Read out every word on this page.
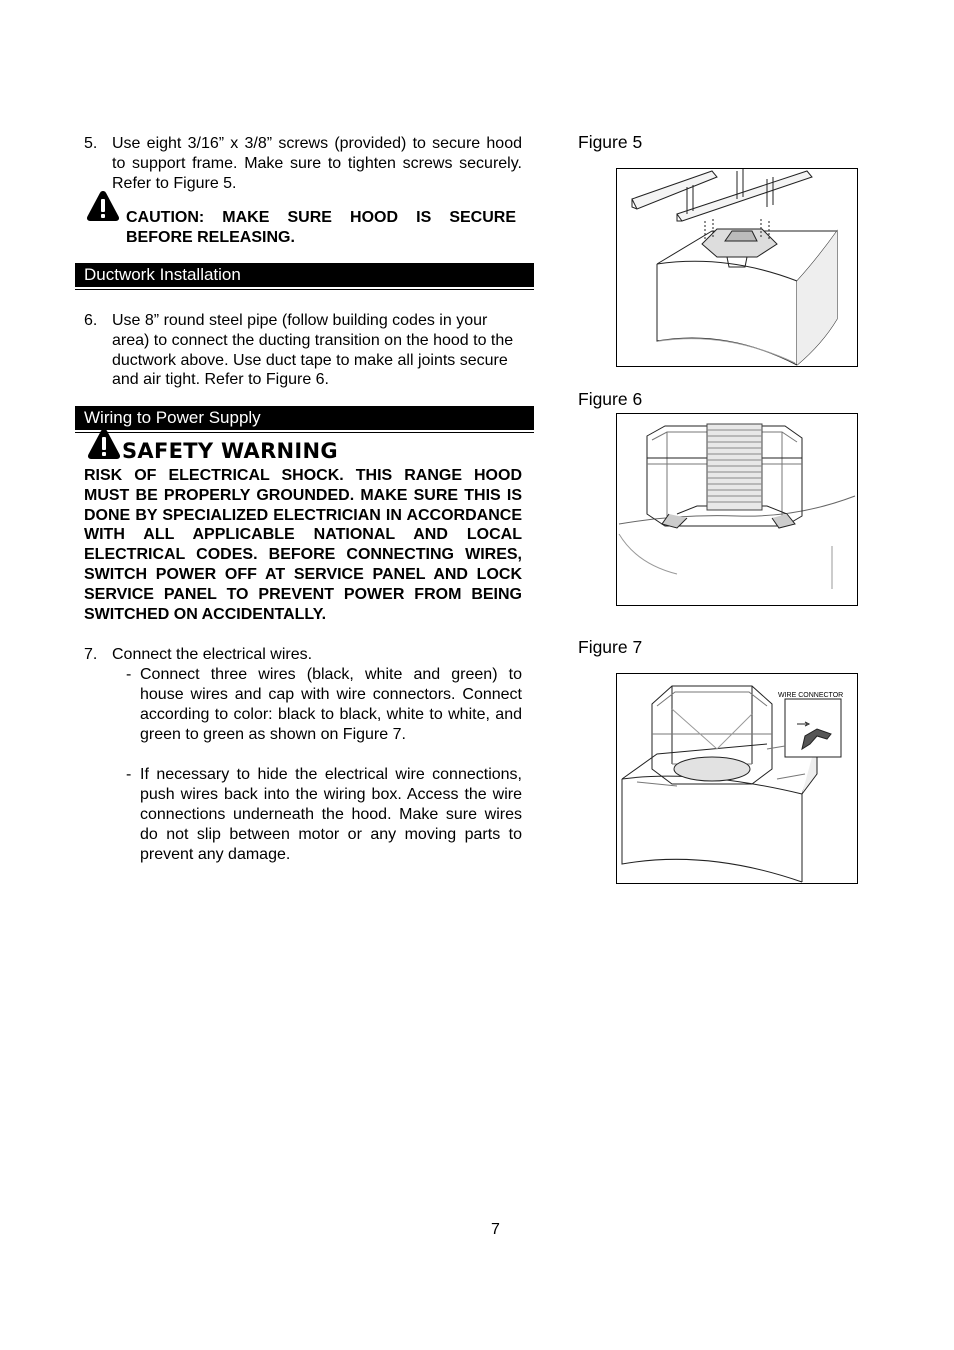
5. Use eight 3/16” x 3/8” screws (provided) to secure hood to support frame. Make sure to tighten screws securely. Refer to Figure 5.
CAUTION: MAKE SURE HOOD IS SECURE BEFORE RELEASING.
Ductwork Installation
6. Use 8” round steel pipe (follow building codes in your area) to connect the ducting transition on the hood to the ductwork above. Use duct tape to make all joints secure and air tight. Refer to Figure 6.
Wiring to Power Supply
SAFETY WARNING
RISK OF ELECTRICAL SHOCK. THIS RANGE HOOD MUST BE PROPERLY GROUNDED. MAKE SURE THIS IS DONE BY SPECIALIZED ELECTRICIAN IN ACCORDANCE WITH ALL APPLICABLE NATIONAL AND LOCAL ELECTRICAL CODES. BEFORE CONNECTING WIRES, SWITCH POWER OFF AT SERVICE PANEL AND LOCK SERVICE PANEL TO PREVENT POWER FROM BEING SWITCHED ON ACCIDENTALLY.
7. Connect the electrical wires.
- Connect three wires (black, white and green) to house wires and cap with wire connectors. Connect according to color: black to black, white to white, and green to green as shown on Figure 7.
- If necessary to hide the electrical wire connections, push wires back into the wiring box. Access the wire connections underneath the hood. Make sure wires do not slip between motor or any moving parts to prevent any damage.
Figure 5
Figure 6
Figure 7
WIRE CONNECTOR
7
